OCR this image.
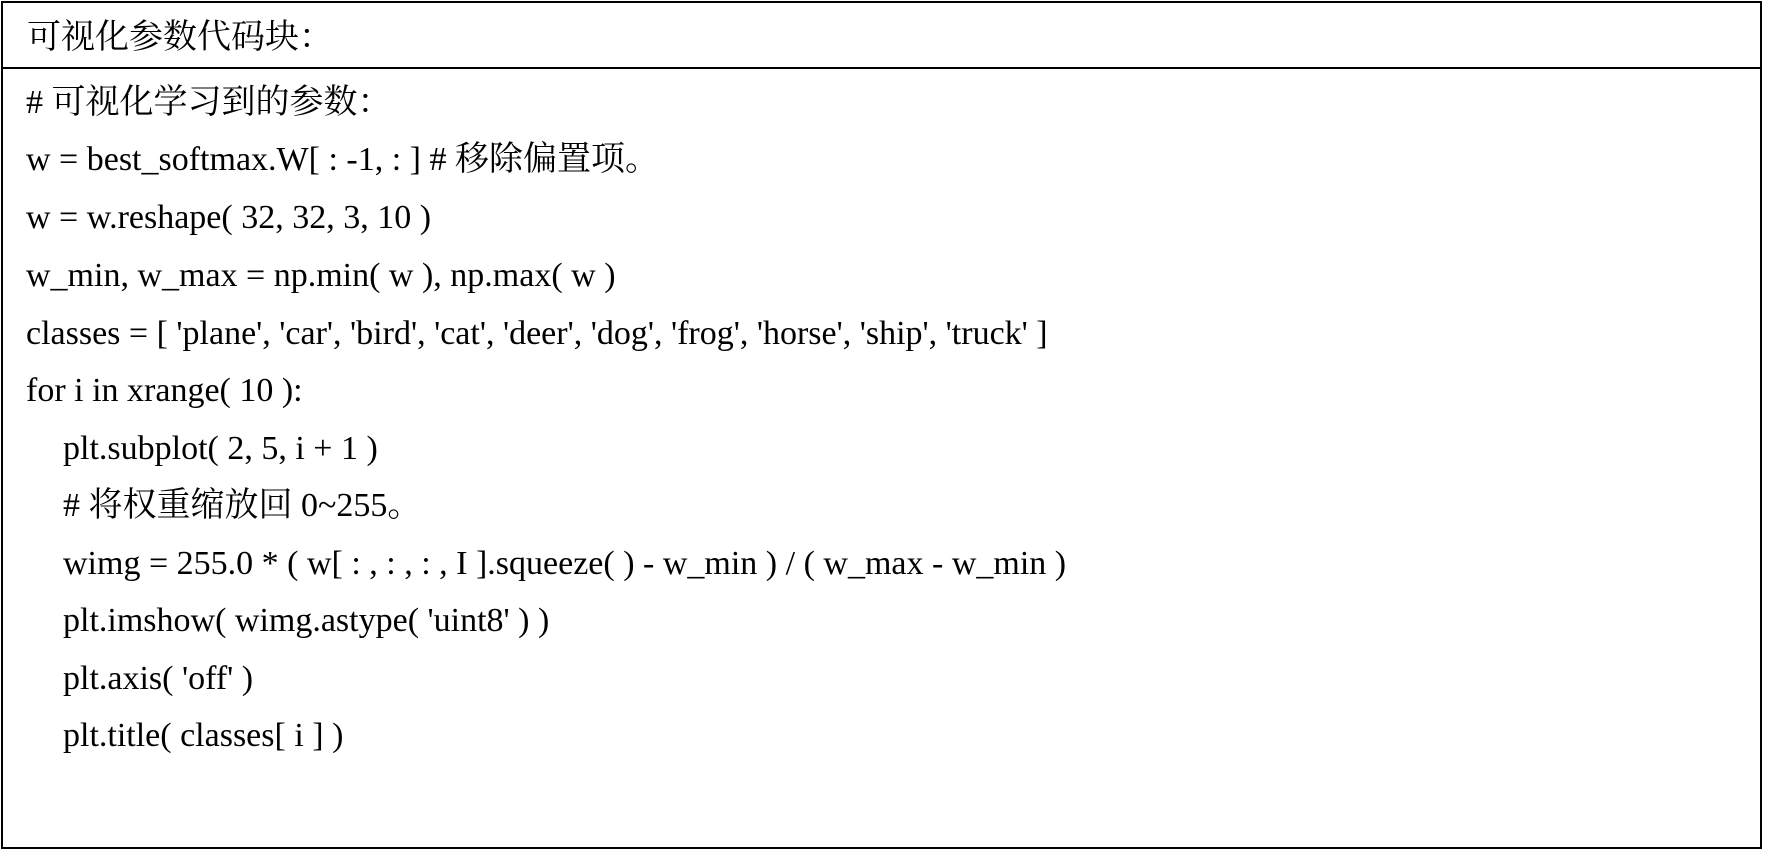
可视化参数代码块：
# 可视化学习到的参数：
w = best_softmax.W[ : -1, : ] # 移除偏置项。
w = w.reshape( 32, 32, 3, 10 )
w_min, w_max = np.min( w ), np.max( w )
classes = [ 'plane', 'car', 'bird', 'cat', 'deer', 'dog', 'frog', 'horse', 'ship', 'truck' ]
for i in xrange( 10 ):
plt.subplot( 2, 5, i + 1 )
# 将权重缩放回 0~255。
wimg = 255.0 * ( w[ : , : , : , I ].squeeze( ) - w_min ) / ( w_max - w_min )
plt.imshow( wimg.astype( 'uint8' ) )
plt.axis( 'off' )
plt.title( classes[ i ] )
